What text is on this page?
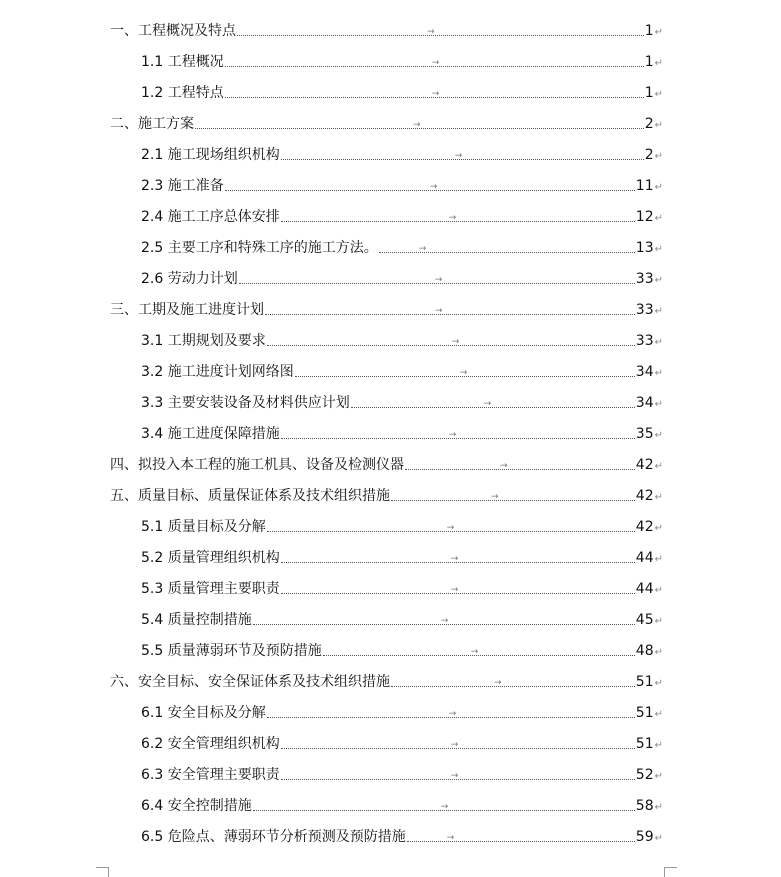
一、工程概况及特点	→	1 ↵
1.1 工程概况	→	1 ↵
1.2 工程特点	→	1 ↵
二、施工方案	→	2 ↵
2.1 施工现场组织机构	→	2 ↵
2.3 施工准备	→	11 ↵
2.4 施工工序总体安排	→	12 ↵
2.5 主要工序和特殊工序的施工方法。	→	13 ↵
2.6 劳动力计划	→	33 ↵
三、工期及施工进度计划	→	33 ↵
3.1 工期规划及要求	→	33 ↵
3.2 施工进度计划网络图	→	34 ↵
3.3 主要安装设备及材料供应计划	→	34 ↵
3.4 施工进度保障措施	→	35 ↵
四、拟投入本工程的施工机具、设备及检测仪器	→	42 ↵
五、质量目标、质量保证体系及技术组织措施	→	42 ↵
5.1 质量目标及分解	→	42 ↵
5.2 质量管理组织机构	→	44 ↵
5.3 质量管理主要职责	→	44 ↵
5.4 质量控制措施	→	45 ↵
5.5 质量薄弱环节及预防措施	→	48 ↵
六、安全目标、安全保证体系及技术组织措施	→	51 ↵
6.1 安全目标及分解	→	51 ↵
6.2 安全管理组织机构	→	51 ↵
6.3 安全管理主要职责	→	52 ↵
6.4 安全控制措施	→	58 ↵
6.5 危险点、薄弱环节分析预测及预防措施	→	59 ↵
